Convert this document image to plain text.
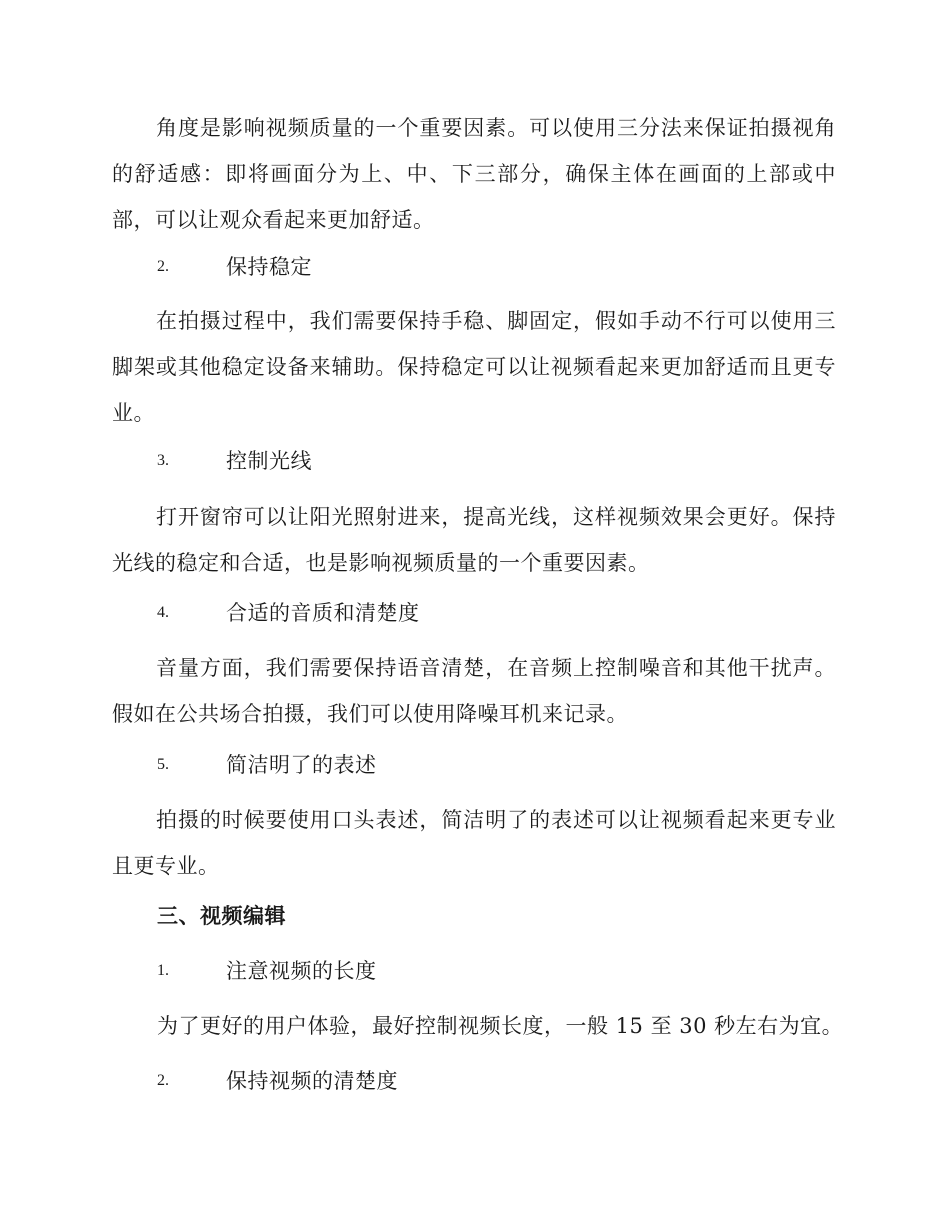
角度是影响视频质量的一个重要因素。可以使用三分法来保证拍摄视角的舒适感：即将画面分为上、中、下三部分，确保主体在画面的上部或中部，可以让观众看起来更加舒适。

2.	保持稳定

在拍摄过程中，我们需要保持手稳、脚固定，假如手动不行可以使用三脚架或其他稳定设备来辅助。保持稳定可以让视频看起来更加舒适而且更专业。

3.	控制光线

打开窗帘可以让阳光照射进来，提高光线，这样视频效果会更好。保持光线的稳定和合适，也是影响视频质量的一个重要因素。

4.	合适的音质和清楚度

音量方面，我们需要保持语音清楚，在音频上控制噪音和其他干扰声。假如在公共场合拍摄，我们可以使用降噪耳机来记录。

5.	简洁明了的表述

拍摄的时候要使用口头表述，简洁明了的表述可以让视频看起来更专业且更专业。

三、视频编辑
1.	注意视频的长度
为了更好的用户体验，最好控制视频长度，一般 15 至 30 秒左右为宜。
2.	保持视频的清楚度
